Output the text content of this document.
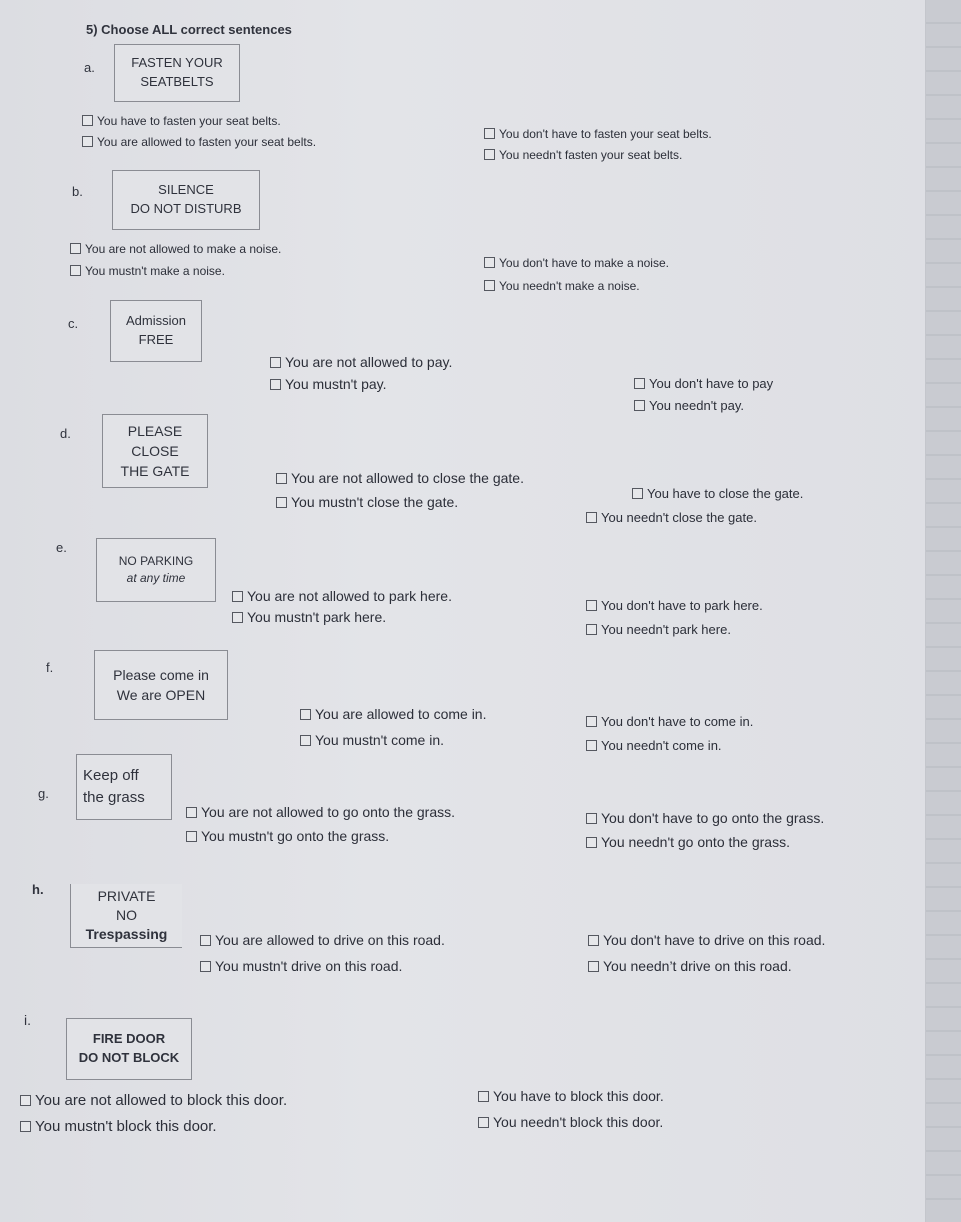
5) Choose ALL correct sentences
a.	FASTEN YOUR
SEATBELTS
You have to fasten your seat belts.
You are allowed to fasten your seat belts.
You don't have to fasten your seat belts.
You needn't fasten your seat belts.
b.	SILENCE
DO NOT DISTURB
You are not allowed to make a noise.
You mustn't make a noise.
You don't have to make a noise.
You needn't make a noise.
c.	Admission
FREE
You are not allowed to pay.
You mustn't pay.	You don't have to pay
You needn't pay.
d.	PLEASE
CLOSE
THE GATE	You are not allowed to close the gate.
You mustn't close the gate.
You have to close the gate.
You needn't close the gate.
e.
NO PARKING
at any time
You are not allowed to park here.
You mustn't park here.
You don't have to park here.
You needn't park here.
f.	Please come in
We are OPEN
You are allowed to come in.
You mustn't come in.
You don't have to come in.
You needn't come in.
g.
Keep off
the grass
You are not allowed to go onto the grass.
You mustn't go onto the grass.
You don't have to go onto the grass.
You needn't go onto the grass.
h.	PRIVATE
NO
Trespassing	You are allowed to drive on this road.
You mustn't drive on this road.
You don't have to drive on this road.
You needn’t drive on this road.
i.
FIRE DOOR
DO NOT BLOCK
You are not allowed to block this door.
You mustn't block this door.
You have to block this door.
You needn't block this door.
